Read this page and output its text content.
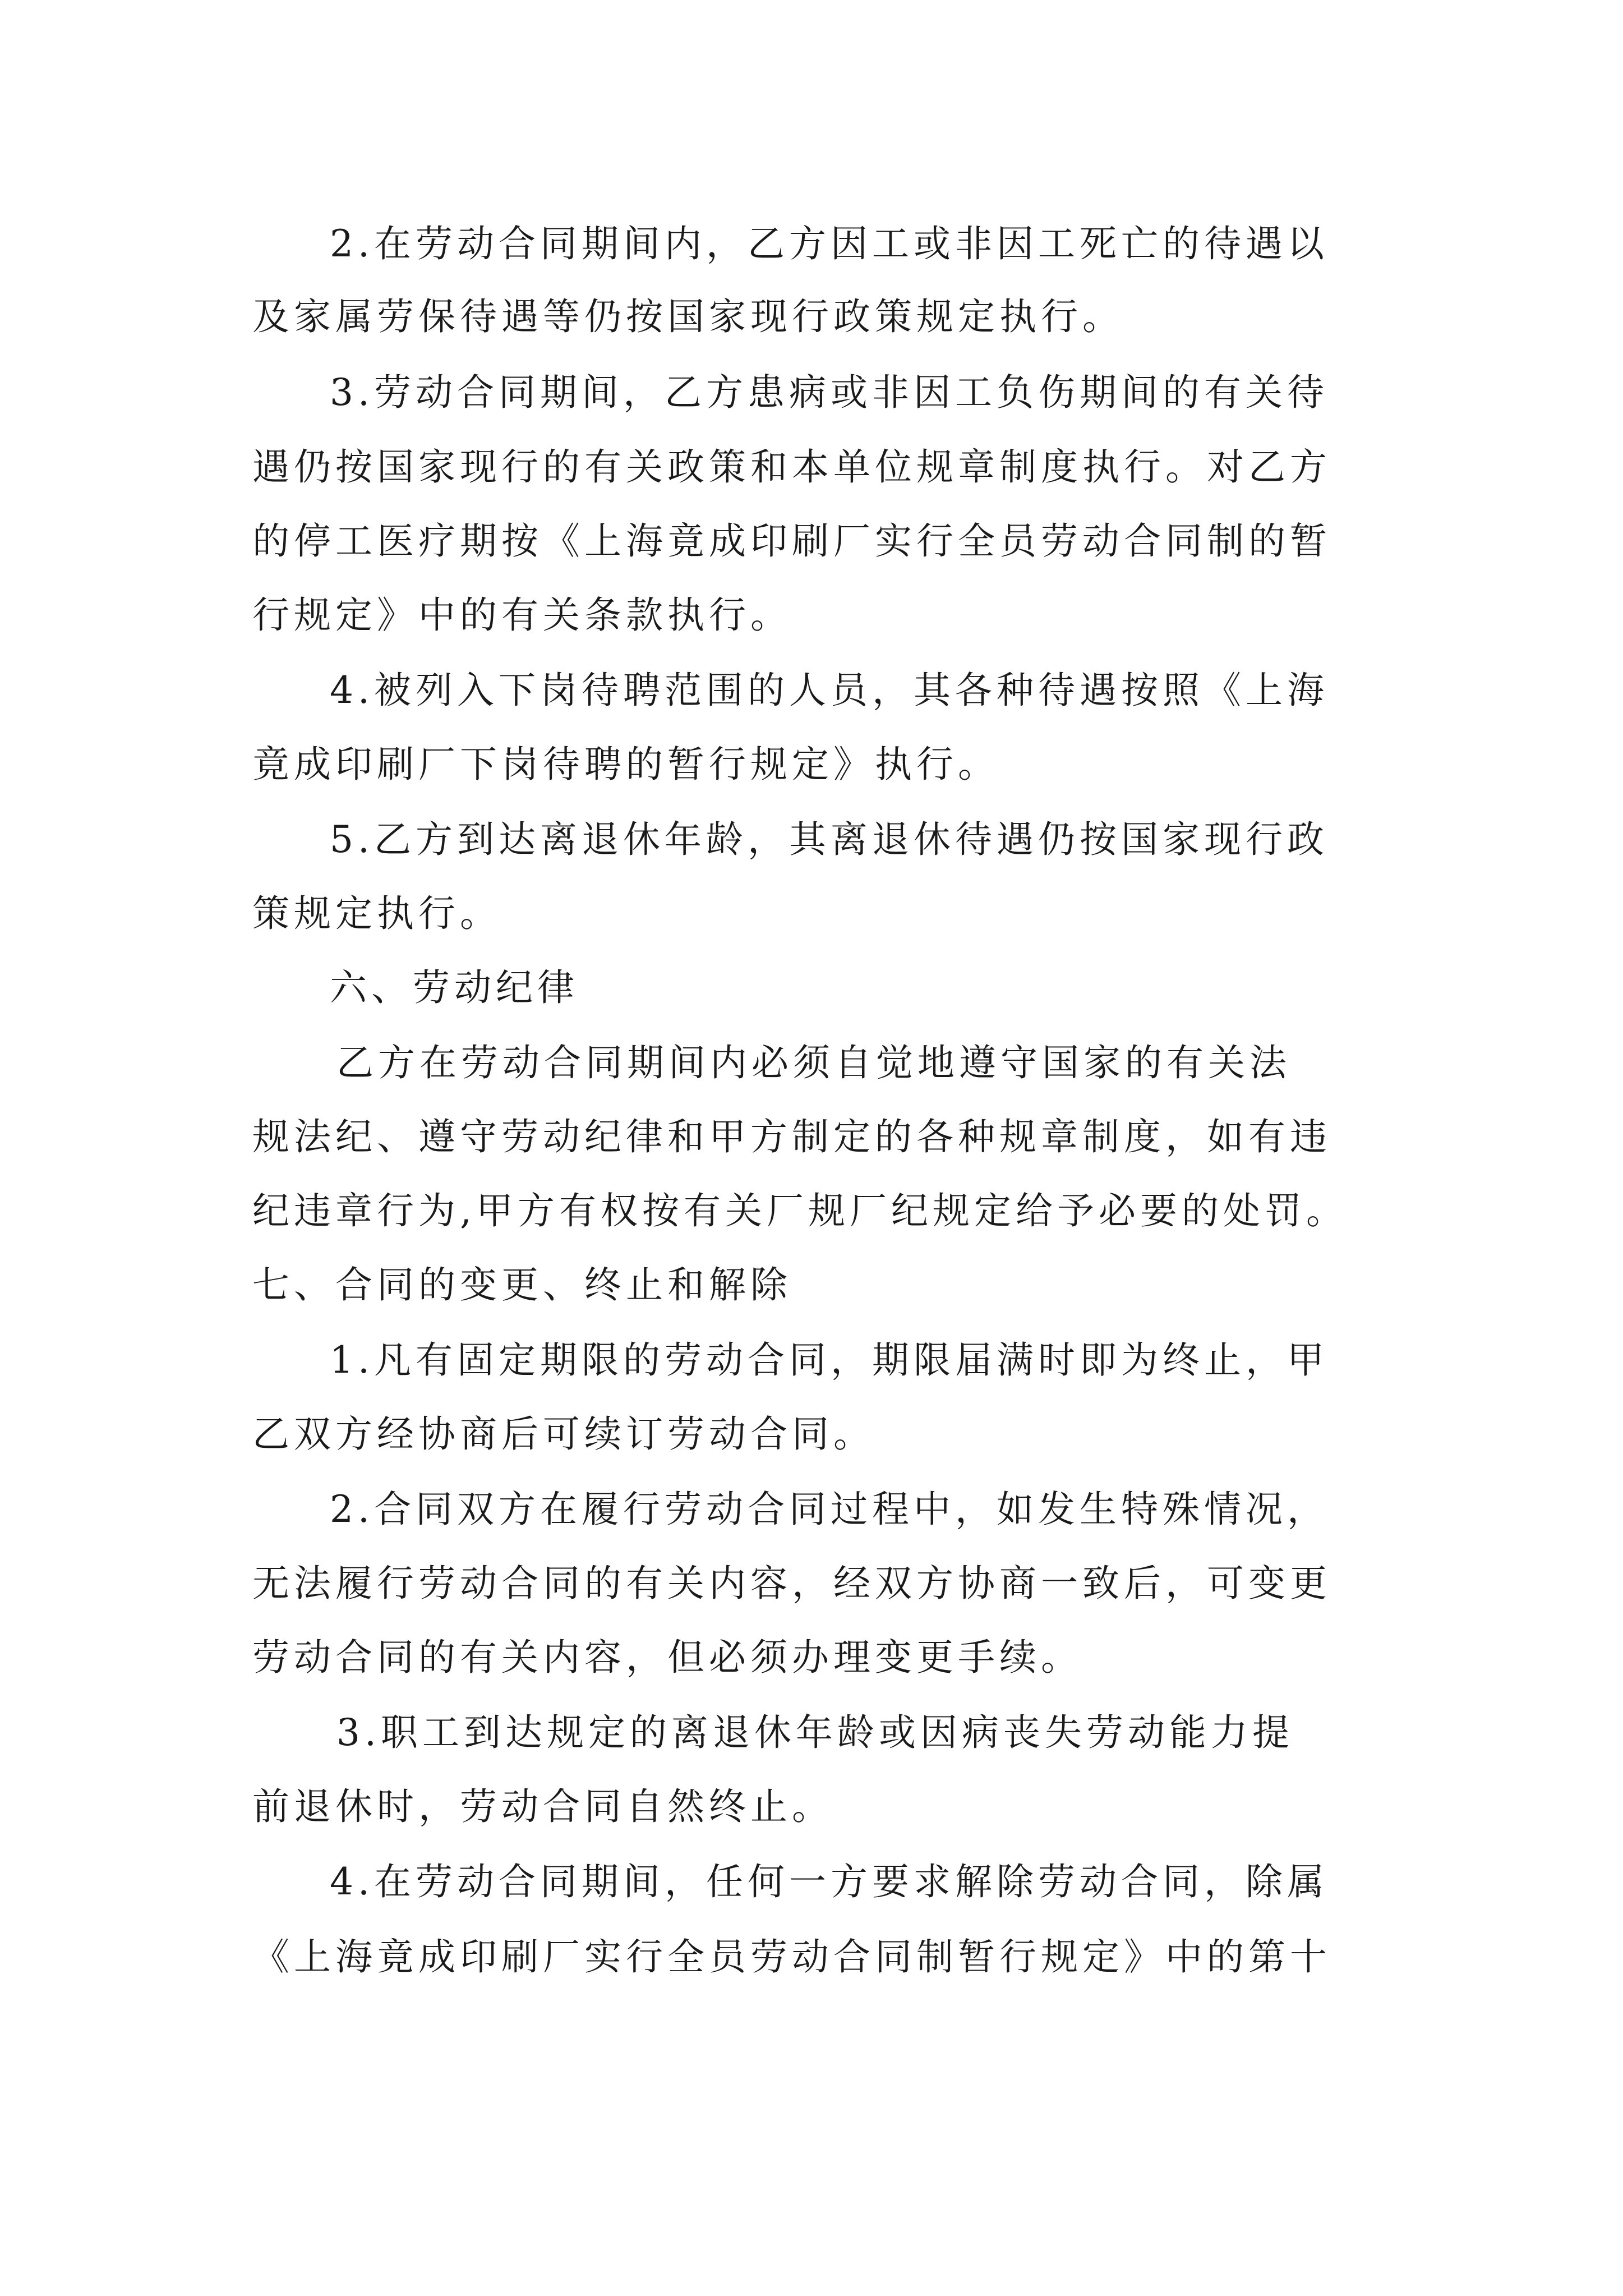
2.在劳动合同期间内，乙方因工或非因工死亡的待遇以
及家属劳保待遇等仍按国家现行政策规定执行。
3.劳动合同期间，乙方患病或非因工负伤期间的有关待
遇仍按国家现行的有关政策和本单位规章制度执行。对乙方
的停工医疗期按《上海竟成印刷厂实行全员劳动合同制的暂
行规定》中的有关条款执行。
4.被列入下岗待聘范围的人员，其各种待遇按照《上海
竟成印刷厂下岗待聘的暂行规定》执行。
5.乙方到达离退休年龄，其离退休待遇仍按国家现行政
策规定执行。
六、劳动纪律
乙方在劳动合同期间内必须自觉地遵守国家的有关法
规法纪、遵守劳动纪律和甲方制定的各种规章制度，如有违
纪违章行为,甲方有权按有关厂规厂纪规定给予必要的处罚。
七、合同的变更、终止和解除
1.凡有固定期限的劳动合同，期限届满时即为终止，甲
乙双方经协商后可续订劳动合同。
2.合同双方在履行劳动合同过程中，如发生特殊情况，
无法履行劳动合同的有关内容，经双方协商一致后，可变更
劳动合同的有关内容，但必须办理变更手续。
3.职工到达规定的离退休年龄或因病丧失劳动能力提
前退休时，劳动合同自然终止。
4.在劳动合同期间，任何一方要求解除劳动合同，除属
《上海竟成印刷厂实行全员劳动合同制暂行规定》中的第十
